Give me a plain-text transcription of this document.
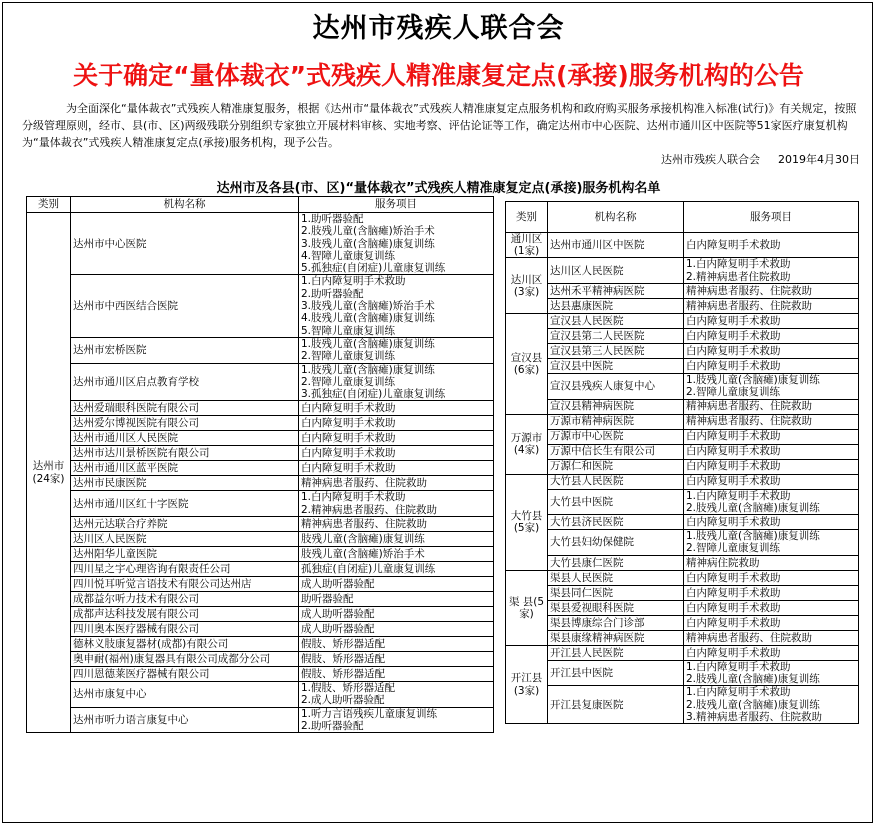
达州市残疾人联合会
关于确定“量体裁衣”式残疾人精准康复定点(承接)服务机构的公告
为全面深化“量体裁衣”式残疾人精准康复服务，根据《达州市“量体裁衣”式残疾人精准康复定点服务机构和政府购买服务承接机构准入标准(试行)》有关规定，按照分级管理原则，经市、县(市、区)两级残联分别组织专家独立开展材料审核、实地考察、评估论证等工作，确定达州市中心医院、达州市通川区中医院等51家医疗康复机构为“量体裁衣”式残疾人精准康复定点(承接)服务机构，现予公告。
达州市残疾人联合会 2019年4月30日
达州市及各县(市、区)“量体裁衣”式残疾人精准康复定点(承接)服务机构名单
类别	机构名称	服务项目
达州市(24家)	达州市中心医院	1.助听器验配
2.肢残儿童(含脑瘫)矫治手术
3.肢残儿童(含脑瘫)康复训练
4.智障儿童康复训练
5.孤独症(自闭症)儿童康复训练

	达州市中西医结合医院	1.白内障复明手术救助
2.助听器验配
3.肢残儿童(含脑瘫)矫治手术
4.肢残儿童(含脑瘫)康复训练
5.智障儿童康复训练

	达州市宏桥医院	1.肢残儿童(含脑瘫)康复训练
2.智障儿童康复训练

	达州市通川区启点教育学校	1.肢残儿童(含脑瘫)康复训练
2.智障儿童康复训练
3.孤独症(自闭症)儿童康复训练

	达州爱瑞眼科医院有限公司	白内障复明手术救助

	达州爱尔博视医院有限公司	白内障复明手术救助

	达州市通川区人民医院	白内障复明手术救助

	达州市达川景桥医院有限公司	白内障复明手术救助

	达州市通川区蓝平医院	白内障复明手术救助

	达州市民康医院	精神病患者服药、住院救助

	达州市通川区红十字医院	1.白内障复明手术救助
2.精神病患者服药、住院救助

	达州元达联合疗养院	精神病患者服药、住院救助

	达川区人民医院	肢残儿童(含脑瘫)康复训练

	达州阳华儿童医院	肢残儿童(含脑瘫)矫治手术

	四川星之宇心理咨询有限责任公司	孤独症(自闭症)儿童康复训练

	四川悦耳听觉言语技术有限公司达州店	成人助听器验配

	成都益尔听力技术有限公司	助听器验配

	成都声达科技发展有限公司	成人助听器验配

	四川奥本医疗器械有限公司	成人助听器验配

	德林义肢康复器材(成都)有限公司	假肢、矫形器适配

	奥申耐(福州)康复器具有限公司成都分公司	假肢、矫形器适配

	四川恩德莱医疗器械有限公司	假肢、矫形器适配

	达州市康复中心	1.假肢、矫形器适配
2.成人助听器验配

	达州市听力语言康复中心	1.听力言语残疾儿童康复训练
2.助听器验配
类别	机构名称	服务项目
通川区(1家)	达州市通川区中医院	白内障复明手术救助

达川区(3家)	达川区人民医院	1.白内障复明手术救助
2.精神病患者住院救助

	达州禾平精神病医院	精神病患者服药、住院救助

	达县惠康医院	精神病患者服药、住院救助

宣汉县(6家)	宣汉县人民医院	白内障复明手术救助

	宣汉县第二人民医院	白内障复明手术救助

	宣汉县第三人民医院	白内障复明手术救助

	宣汉县中医院	白内障复明手术救助

	宣汉县残疾人康复中心	1.肢残儿童(含脑瘫)康复训练
2.智障儿童康复训练

	宣汉县精神病医院	精神病患者服药、住院救助

万源市(4家)	万源市精神病医院	精神病患者服药、住院救助

	万源市中心医院	白内障复明手术救助

	万源中信长生有限公司	白内障复明手术救助

	万源仁和医院	白内障复明手术救助

大竹县(5家)	大竹县人民医院	白内障复明手术救助

	大竹县中医院	1.白内障复明手术救助
2.肢残儿童(含脑瘫)康复训练

	大竹县济民医院	白内障复明手术救助

	大竹县妇幼保健院	1.肢残儿童(含脑瘫)康复训练
2.智障儿童康复训练

	大竹县康仁医院	精神病住院救助

渠 县(5家)	渠县人民医院	白内障复明手术救助

	渠县同仁医院	白内障复明手术救助

	渠县爱视眼科医院	白内障复明手术救助

	渠县博康综合门诊部	白内障复明手术救助

	渠县康缘精神病医院	精神病患者服药、住院救助

开江县(3家)	开江县人民医院	白内障复明手术救助

	开江县中医院	1.白内障复明手术救助
2.肢残儿童(含脑瘫)康复训练

	开江县复康医院	1.白内障复明手术救助
2.肢残儿童(含脑瘫)康复训练
3.精神病患者服药、住院救助
